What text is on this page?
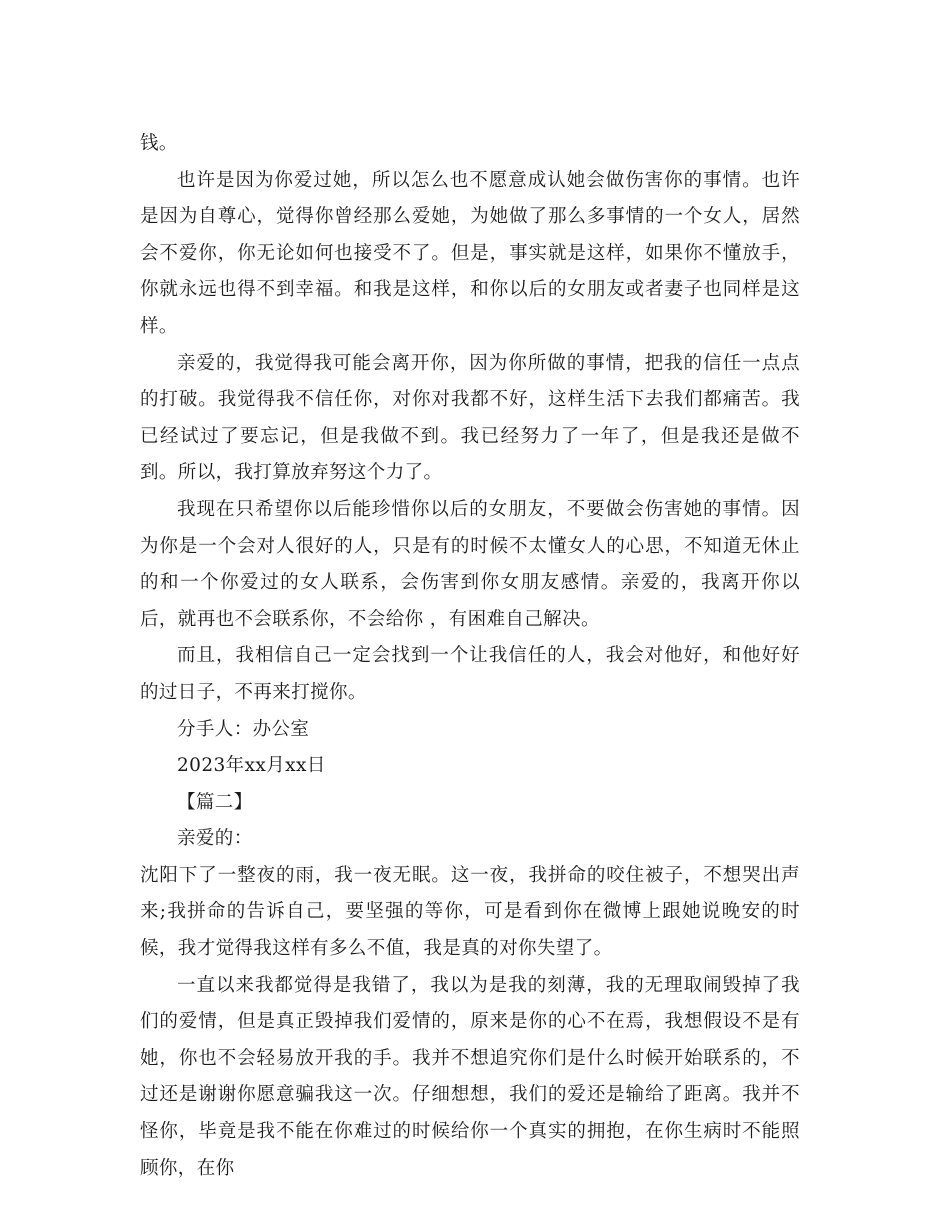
钱。

也许是因为你爱过她，所以怎么也不愿意成认她会做伤害你的事情。也许是因为自尊心，觉得你曾经那么爱她，为她做了那么多事情的一个女人，居然会不爱你，你无论如何也接受不了。但是，事实就是这样，如果你不懂放手，你就永远也得不到幸福。和我是这样，和你以后的女朋友或者妻子也同样是这样。

亲爱的，我觉得我可能会离开你，因为你所做的事情，把我的信任一点点的打破。我觉得我不信任你，对你对我都不好，这样生活下去我们都痛苦。我已经试过了要忘记，但是我做不到。我已经努力了一年了，但是我还是做不到。所以，我打算放弃努这个力了。

我现在只希望你以后能珍惜你以后的女朋友，不要做会伤害她的事情。因为你是一个会对人很好的人，只是有的时候不太懂女人的心思，不知道无休止的和一个你爱过的女人联系，会伤害到你女朋友感情。亲爱的，我离开你以后，就再也不会联系你，不会给你 ，有困难自己解决。

而且，我相信自己一定会找到一个让我信任的人，我会对他好，和他好好的过日子，不再来打搅你。

分手人：办公室

2023年xx月xx日

【篇二】

亲爱的：

沈阳下了一整夜的雨，我一夜无眠。这一夜，我拼命的咬住被子，不想哭出声来;我拼命的告诉自己，要坚强的等你，可是看到你在微博上跟她说晚安的时候，我才觉得我这样有多么不值，我是真的对你失望了。

一直以来我都觉得是我错了，我以为是我的刻薄，我的无理取闹毁掉了我们的爱情，但是真正毁掉我们爱情的，原来是你的心不在焉，我想假设不是有她，你也不会轻易放开我的手。我并不想追究你们是什么时候开始联系的，不过还是谢谢你愿意骗我这一次。仔细想想，我们的爱还是输给了距离。我并不怪你，毕竟是我不能在你难过的时候给你一个真实的拥抱，在你生病时不能照顾你，在你
